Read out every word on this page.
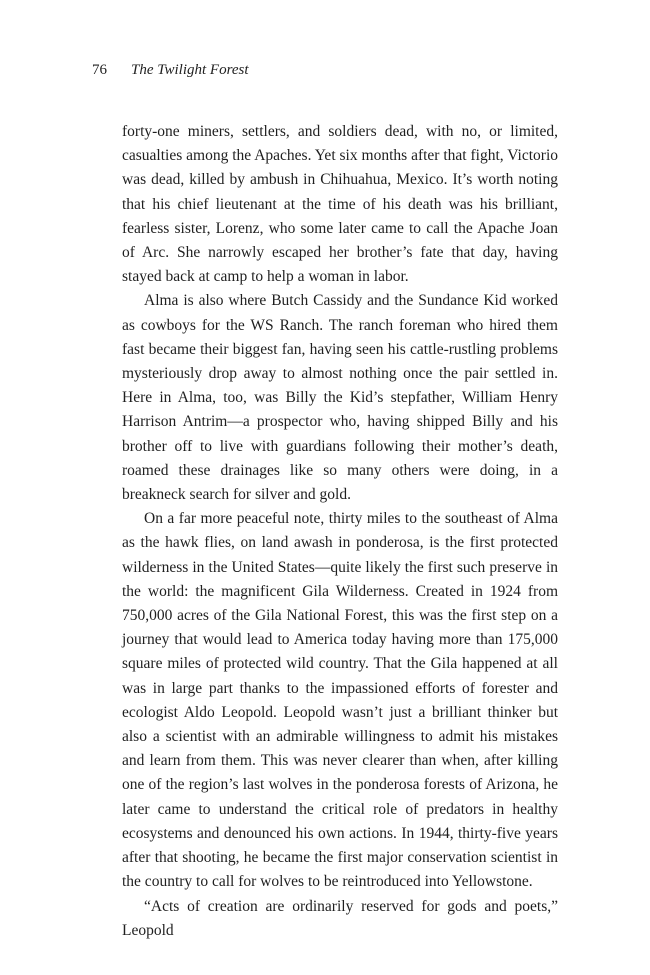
76 The Twilight Forest

forty-one miners, settlers, and soldiers dead, with no, or limited, casualties among the Apaches. Yet six months after that fight, Victorio was dead, killed by ambush in Chihuahua, Mexico. It’s worth noting that his chief lieutenant at the time of his death was his brilliant, fearless sister, Lorenz, who some later came to call the Apache Joan of Arc. She narrowly escaped her brother’s fate that day, having stayed back at camp to help a woman in labor.

Alma is also where Butch Cassidy and the Sundance Kid worked as cowboys for the WS Ranch. The ranch foreman who hired them fast became their biggest fan, having seen his cattle-rustling problems mysteriously drop away to almost nothing once the pair settled in. Here in Alma, too, was Billy the Kid’s stepfather, William Henry Harrison Antrim—a prospector who, having shipped Billy and his brother off to live with guardians following their mother’s death, roamed these drainages like so many others were doing, in a breakneck search for silver and gold.

On a far more peaceful note, thirty miles to the southeast of Alma as the hawk flies, on land awash in ponderosa, is the first protected wilderness in the United States—quite likely the first such preserve in the world: the magnificent Gila Wilderness. Created in 1924 from 750,000 acres of the Gila National Forest, this was the first step on a journey that would lead to America today having more than 175,000 square miles of protected wild country. That the Gila happened at all was in large part thanks to the impassioned efforts of forester and ecologist Aldo Leopold. Leopold wasn’t just a brilliant thinker but also a scientist with an admirable willingness to admit his mistakes and learn from them. This was never clearer than when, after killing one of the region’s last wolves in the ponderosa forests of Arizona, he later came to understand the critical role of predators in healthy ecosystems and denounced his own actions. In 1944, thirty-five years after that shooting, he became the first major conservation scientist in the country to call for wolves to be reintroduced into Yellowstone.

“Acts of creation are ordinarily reserved for gods and poets,” Leopold
